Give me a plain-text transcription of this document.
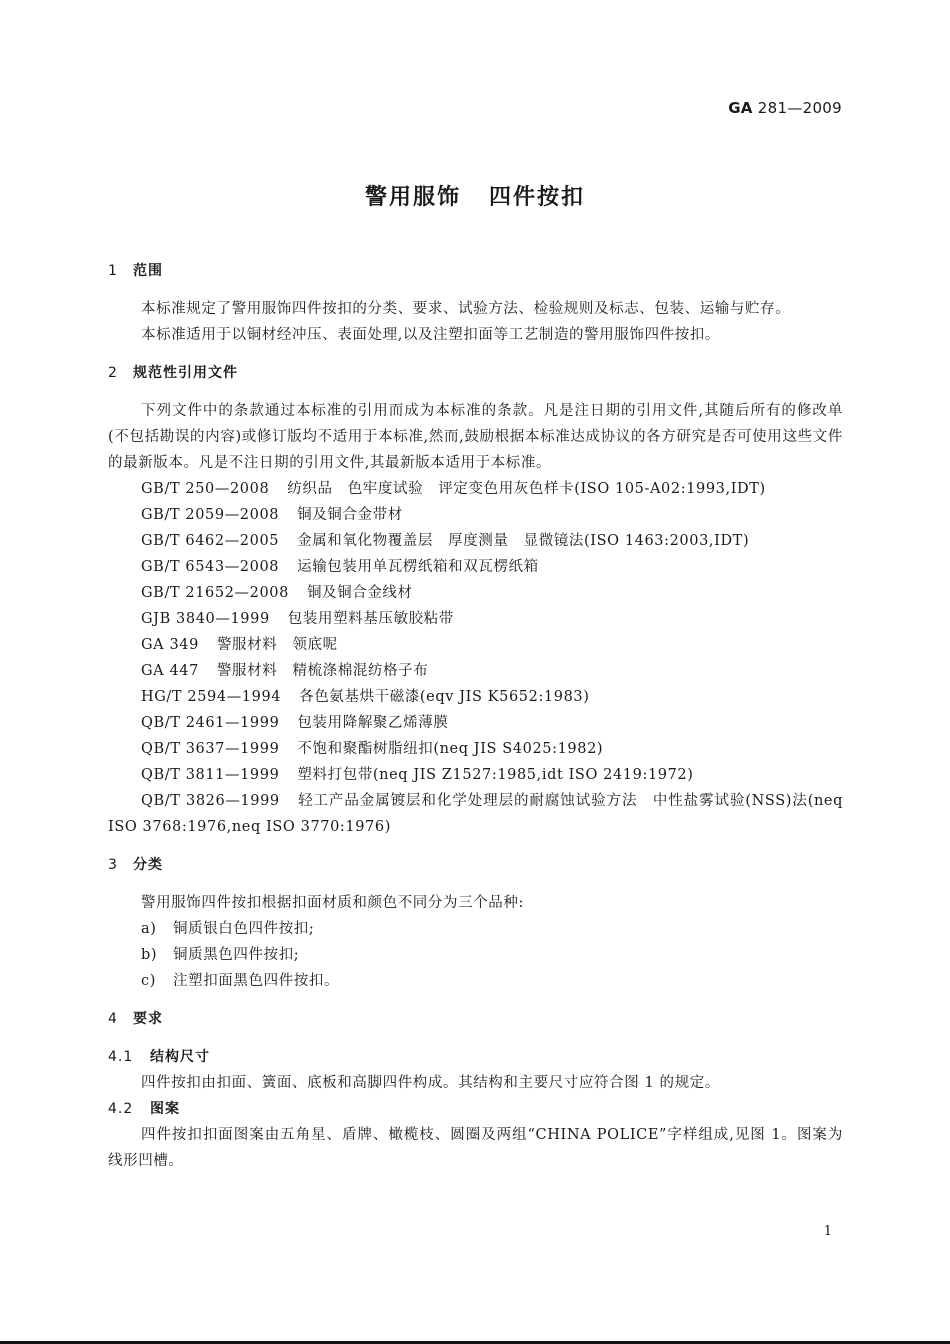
GA 281—2009
警用服饰 四件按扣
1 范围

本标准规定了警用服饰四件按扣的分类、要求、试验方法、检验规则及标志、包装、运输与贮存。

本标准适用于以铜材经冲压、表面处理,以及注塑扣面等工艺制造的警用服饰四件按扣。

2 规范性引用文件

下列文件中的条款通过本标准的引用而成为本标准的条款。凡是注日期的引用文件,其随后所有的修改单(不包括勘误的内容)或修订版均不适用于本标准,然而,鼓励根据本标准达成协议的各方研究是否可使用这些文件的最新版本。凡是不注日期的引用文件,其最新版本适用于本标准。

GB/T 250—2008 纺织品　色牢度试验　评定变色用灰色样卡(ISO 105-A02:1993,IDT)
GB/T 2059—2008 铜及铜合金带材
GB/T 6462—2005 金属和氧化物覆盖层　厚度测量　显微镜法(ISO 1463:2003,IDT)
GB/T 6543—2008 运输包装用单瓦楞纸箱和双瓦楞纸箱
GB/T 21652—2008 铜及铜合金线材
GJB 3840—1999 包装用塑料基压敏胶粘带
GA 349 警服材料　领底呢
GA 447 警服材料　精梳涤棉混纺格子布
HG/T 2594—1994 各色氨基烘干磁漆(eqv JIS K5652:1983)
QB/T 2461—1999 包装用降解聚乙烯薄膜
QB/T 3637—1999 不饱和聚酯树脂纽扣(neq JIS S4025:1982)
QB/T 3811—1999 塑料打包带(neq JIS Z1527:1985,idt ISO 2419:1972)

QB/T 3826—1999 轻工产品金属镀层和化学处理层的耐腐蚀试验方法　中性盐雾试验(NSS)法(neq ISO 3768:1976,neq ISO 3770:1976)

3 分类

警用服饰四件按扣根据扣面材质和颜色不同分为三个品种:

a) 铜质银白色四件按扣;
b) 铜质黑色四件按扣;
c) 注塑扣面黑色四件按扣。
4 要求
4.1 结构尺寸

四件按扣由扣面、簧面、底板和高脚四件构成。其结构和主要尺寸应符合图 1 的规定。

4.2 图案

四件按扣扣面图案由五角星、盾牌、橄榄枝、圆圈及两组“CHINA POLICE”字样组成,见图 1。图案为线形凹槽。

1
